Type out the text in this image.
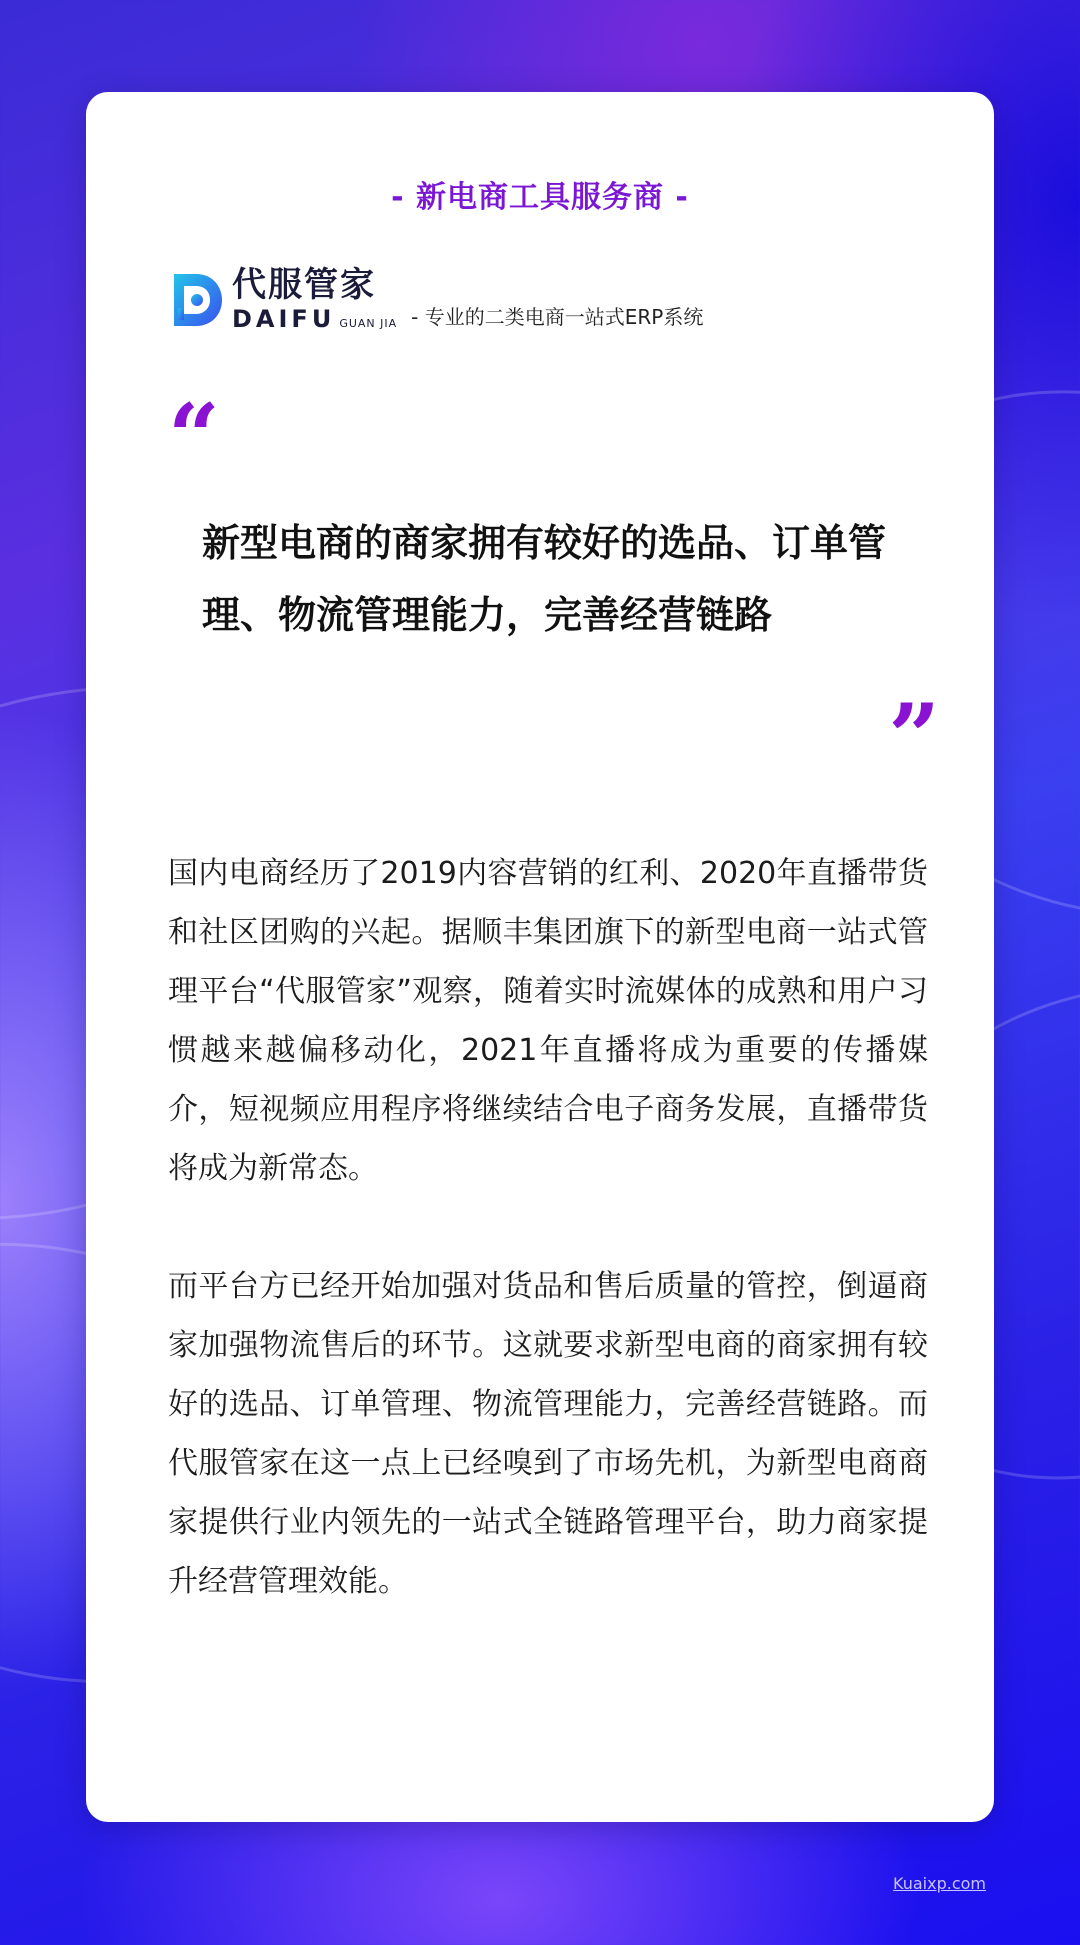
- 新电商工具服务商 -
代服管家
DAIFU GUAN JIA - 专业的二类电商一站式ERP系统
“
新型电商的商家拥有较好的选品、订单管理、物流管理能力，完善经营链路
”
国内电商经历了2019内容营销的红利、2020年直播带货和社区团购的兴起。据顺丰集团旗下的新型电商一站式管理平台“代服管家”观察，随着实时流媒体的成熟和用户习惯越来越偏移动化，2021年直播将成为重要的传播媒介，短视频应用程序将继续结合电子商务发展，直播带货将成为新常态。
而平台方已经开始加强对货品和售后质量的管控，倒逼商家加强物流售后的环节。这就要求新型电商的商家拥有较好的选品、订单管理、物流管理能力，完善经营链路。而代服管家在这一点上已经嗅到了市场先机，为新型电商商家提供行业内领先的一站式全链路管理平台，助力商家提升经营管理效能。
Kuaixp.com
